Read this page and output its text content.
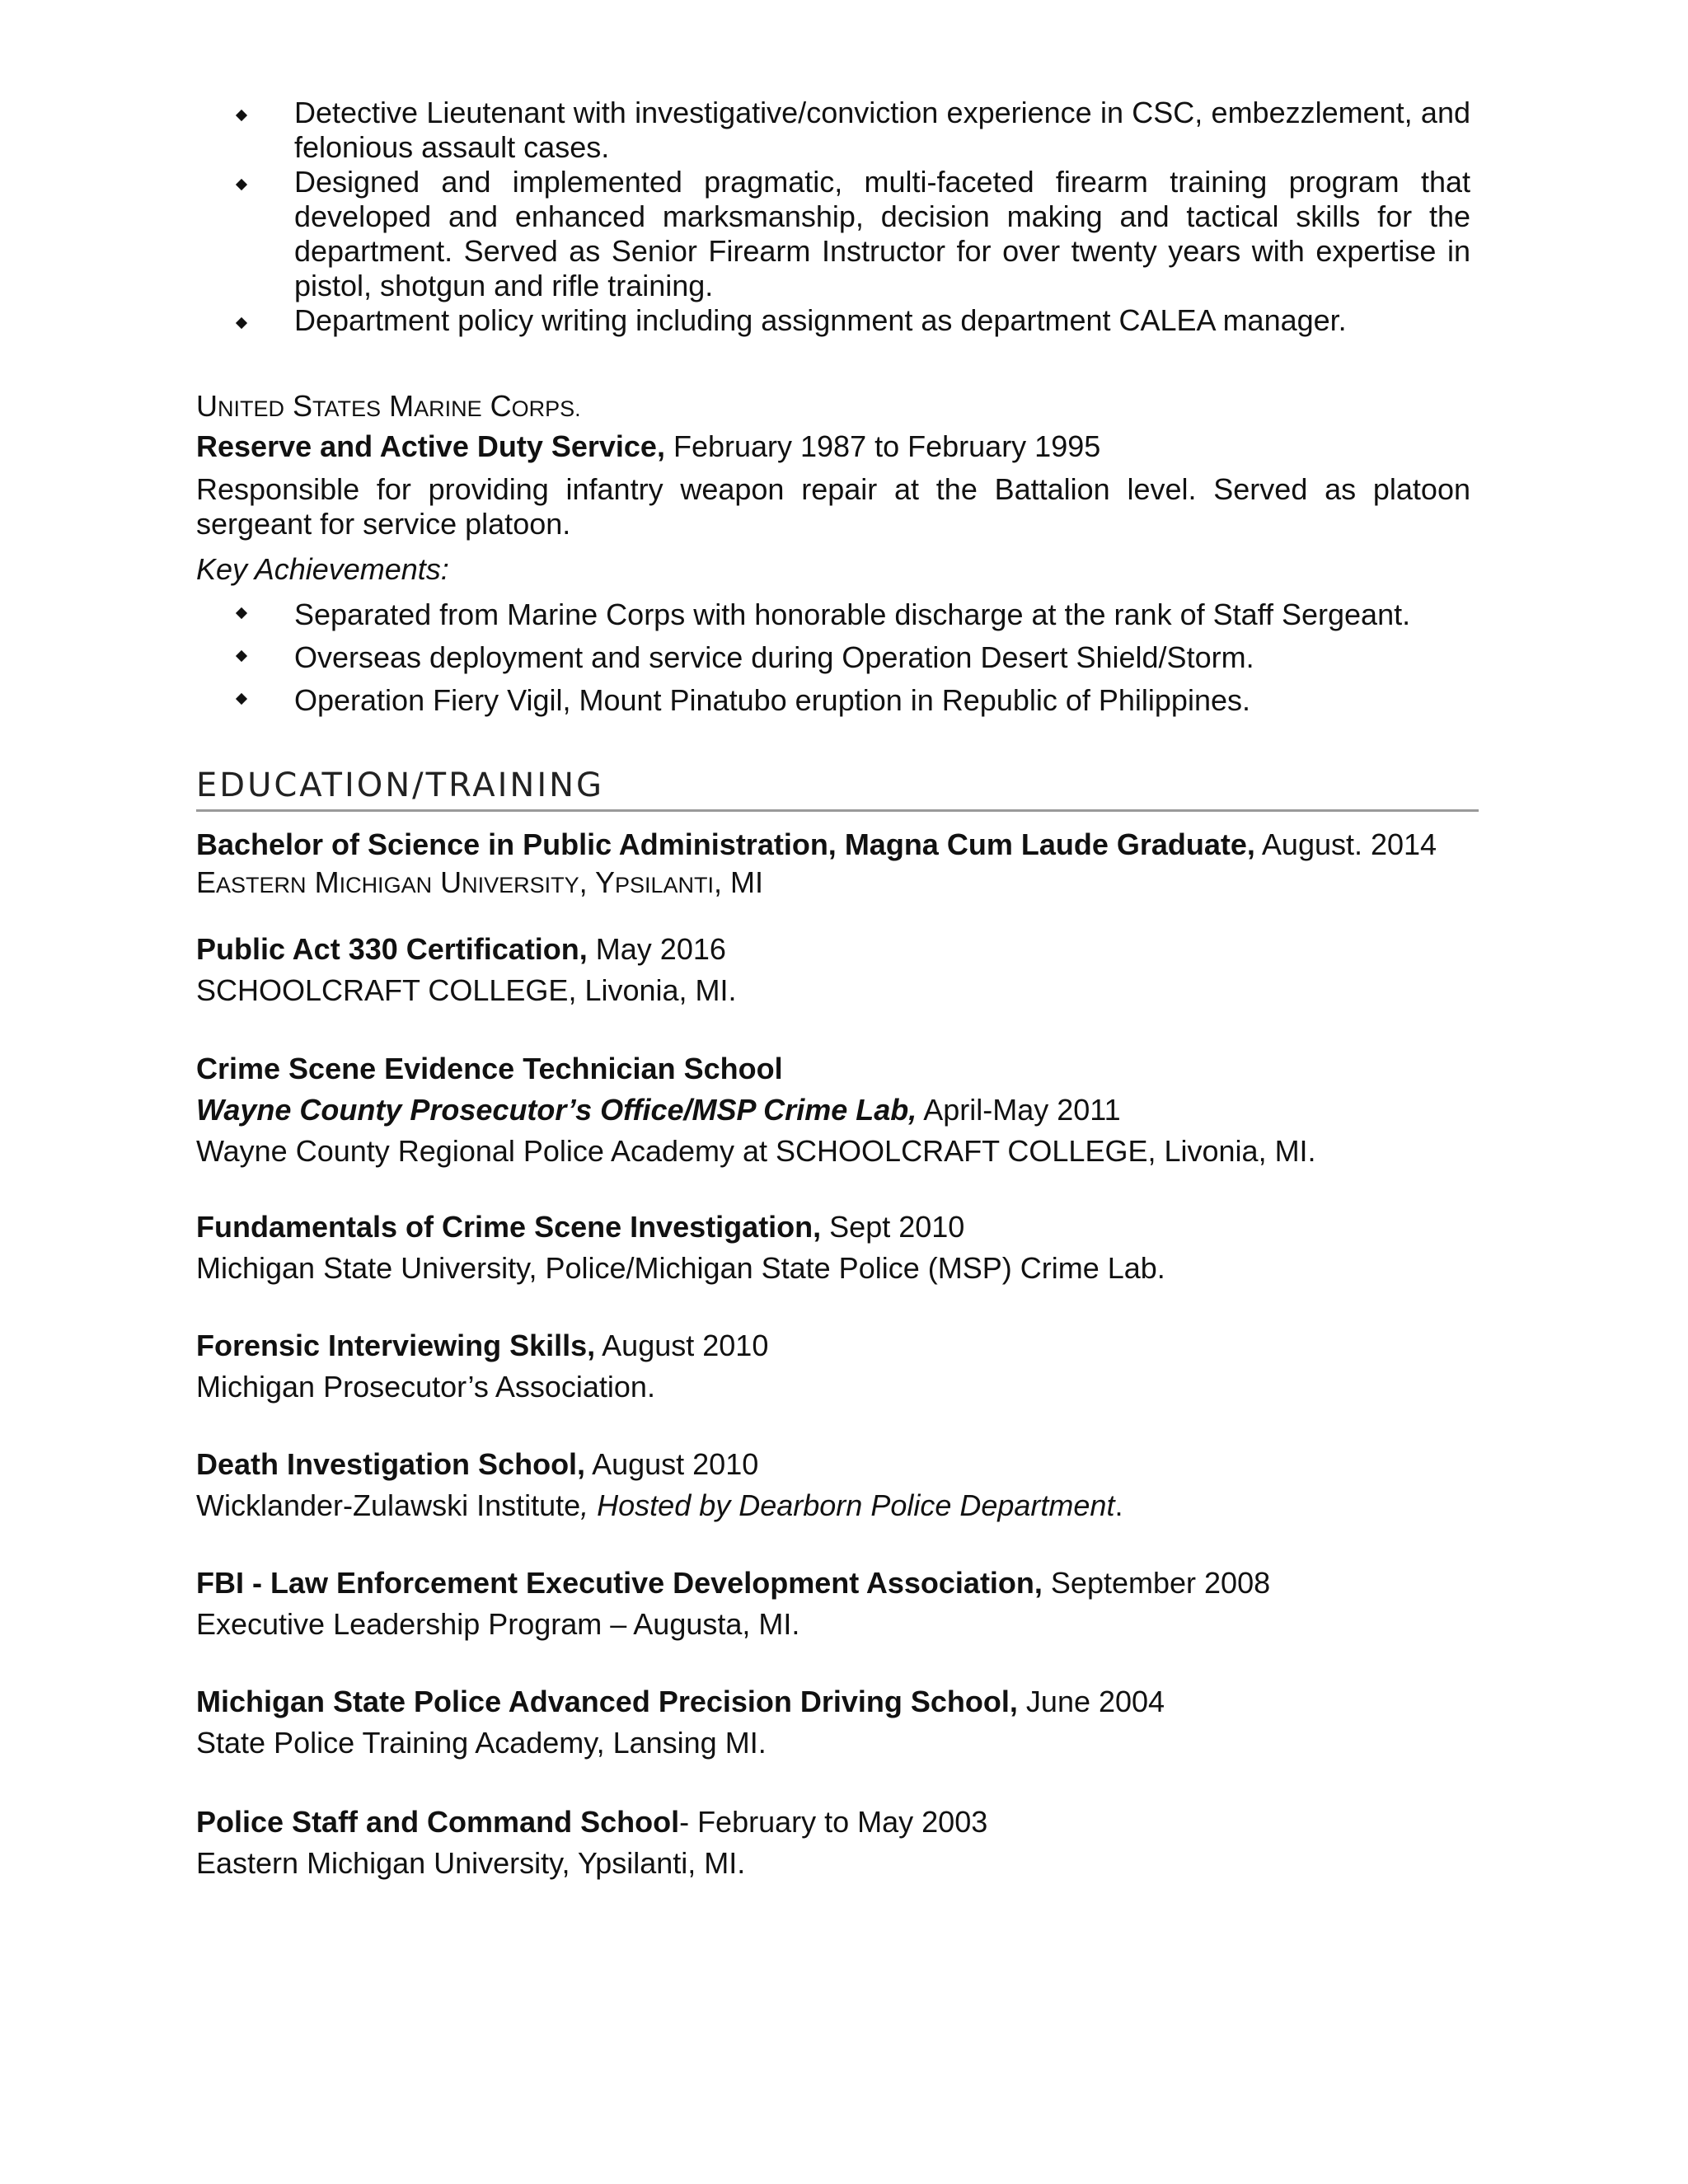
Detective Lieutenant with investigative/conviction experience in CSC, embezzlement, and felonious assault cases.
Designed and implemented pragmatic, multi-faceted firearm training program that developed and enhanced marksmanship, decision making and tactical skills for the department. Served as Senior Firearm Instructor for over twenty years with expertise in pistol, shotgun and rifle training.
Department policy writing including assignment as department CALEA manager.

UNITED STATES MARINE CORPS.

Reserve and Active Duty Service, February 1987 to February 1995

Responsible for providing infantry weapon repair at the Battalion level. Served as platoon sergeant for service platoon.

Key Achievements:

Separated from Marine Corps with honorable discharge at the rank of Staff Sergeant.
Overseas deployment and service during Operation Desert Shield/Storm.
Operation Fiery Vigil, Mount Pinatubo eruption in Republic of Philippines.
EDUCATION/TRAINING

Bachelor of Science in Public Administration, Magna Cum Laude Graduate, August. 2014

EASTERN MICHIGAN UNIVERSITY, YPSILANTI, MI

Public Act 330 Certification, May 2016

SCHOOLCRAFT COLLEGE, Livonia, MI.

Crime Scene Evidence Technician School

Wayne County Prosecutor’s Office/MSP Crime Lab, April-May 2011

Wayne County Regional Police Academy at SCHOOLCRAFT COLLEGE, Livonia, MI.

Fundamentals of Crime Scene Investigation, Sept 2010

Michigan State University, Police/Michigan State Police (MSP) Crime Lab.

Forensic Interviewing Skills, August 2010

Michigan Prosecutor’s Association.

Death Investigation School, August 2010

Wicklander-Zulawski Institute, Hosted by Dearborn Police Department.

FBI - Law Enforcement Executive Development Association, September 2008

Executive Leadership Program – Augusta, MI.

Michigan State Police Advanced Precision Driving School, June 2004

State Police Training Academy, Lansing MI.

Police Staff and Command School- February to May 2003

Eastern Michigan University, Ypsilanti, MI.
